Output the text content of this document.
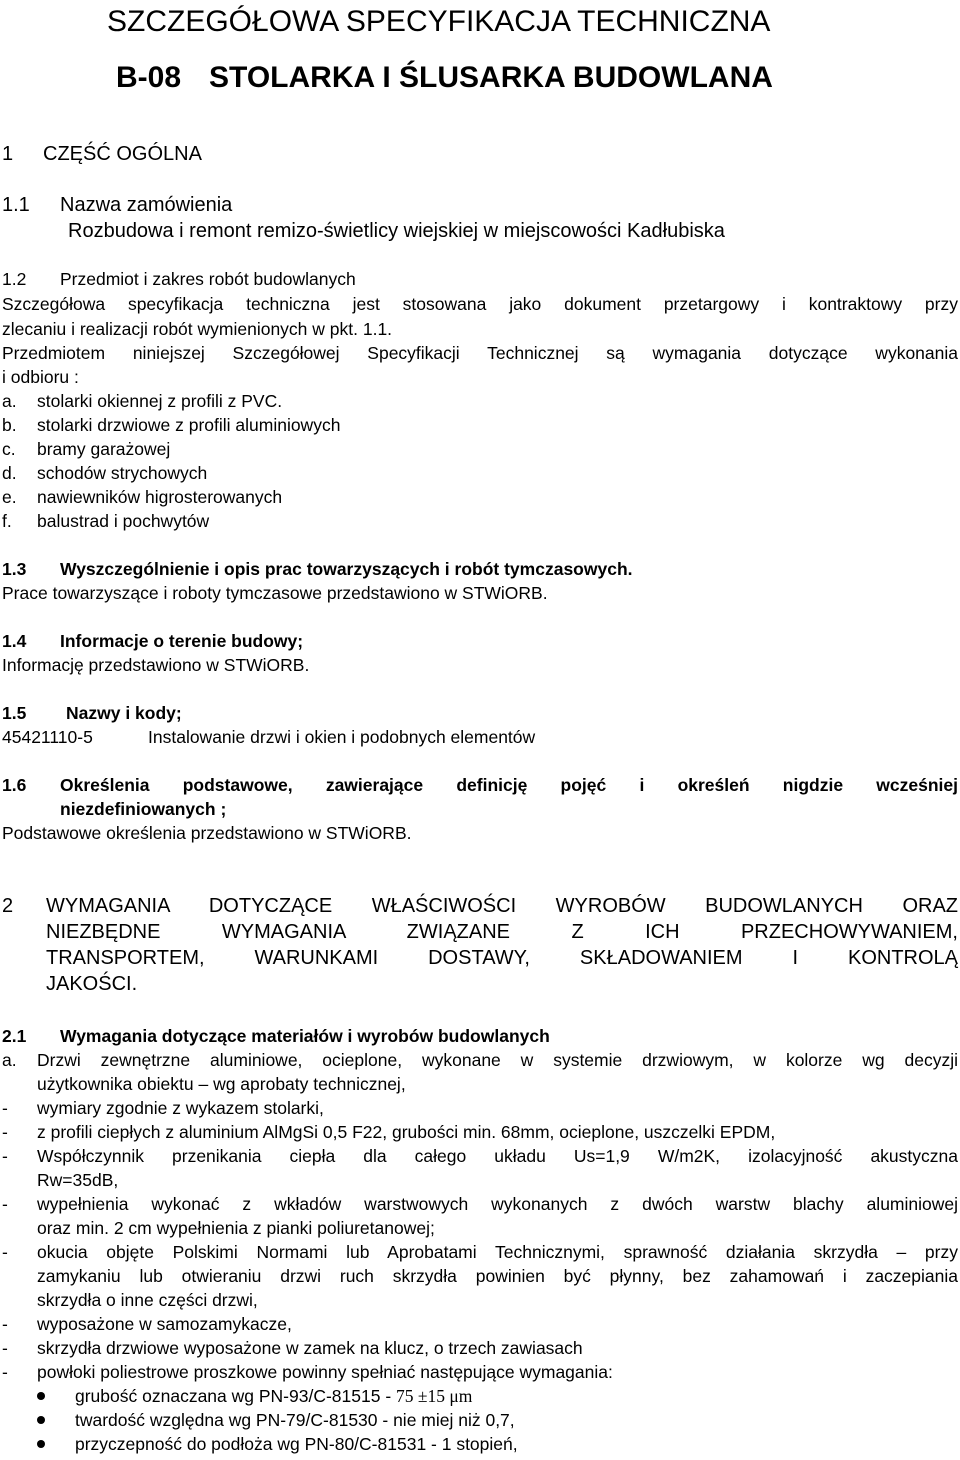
SZCZEGÓŁOWA SPECYFIKACJA TECHNICZNA
B-08 STOLARKA I ŚLUSARKA BUDOWLANA
1 CZĘŚĆ OGÓLNA
1.1 Nazwa zamówienia
Rozbudowa i remont remizo-świetlicy wiejskiej w miejscowości Kadłubiska
1.2 Przedmiot i zakres robót budowlanych
Szczegółowa specyfikacja techniczna jest stosowana jako dokument przetargowy i kontraktowy przy
zlecaniu i realizacji robót wymienionych w pkt. 1.1.
Przedmiotem niniejszej Szczegółowej Specyfikacji Technicznej są wymagania dotyczące wykonania
i odbioru :
a. stolarki okiennej z profili z PVC.
b. stolarki drzwiowe z profili aluminiowych
c. bramy garażowej
d. schodów strychowych
e. nawiewników higrosterowanych
f. balustrad i pochwytów
1.3 Wyszczególnienie i opis prac towarzyszących i robót tymczasowych.
Prace towarzyszące i roboty tymczasowe przedstawiono w STWiORB.
1.4 Informacje o terenie budowy;
Informację przedstawiono w STWiORB.
1.5 Nazwy i kody;
45421110-5	Instalowanie drzwi i okien i podobnych elementów
1.6 Określenia podstawowe, zawierające definicję pojęć i określeń nigdzie wcześniej
niezdefiniowanych ;
Podstawowe określenia przedstawiono w STWiORB.
2 WYMAGANIA DOTYCZĄCE WŁAŚCIWOŚCI WYROBÓW BUDOWLANYCH ORAZ
NIEZBĘDNE WYMAGANIA ZWIĄZANE Z ICH PRZECHOWYWANIEM,
TRANSPORTEM, WARUNKAMI DOSTAWY, SKŁADOWANIEM I KONTROLĄ
JAKOŚCI.
2.1 Wymagania dotyczące materiałów i wyrobów budowlanych
a. Drzwi zewnętrzne aluminiowe, ocieplone, wykonane w systemie drzwiowym, w kolorze wg decyzji
użytkownika obiektu – wg aprobaty technicznej,
- wymiary zgodnie z wykazem stolarki,
- z profili ciepłych z aluminium AlMgSi 0,5 F22, grubości min. 68mm, ocieplone, uszczelki EPDM,
- Współczynnik przenikania ciepła dla całego układu Us=1,9 W/m2K, izolacyjność akustyczna
Rw=35dB,
- wypełnienia wykonać z wkładów warstwowych wykonanych z dwóch warstw blachy aluminiowej
oraz min. 2 cm wypełnienia z pianki poliuretanowej;
- okucia objęte Polskimi Normami lub Aprobatami Technicznymi, sprawność działania skrzydła – przy
zamykaniu lub otwieraniu drzwi ruch skrzydła powinien być płynny, bez zahamowań i zaczepiania
skrzydła o inne części drzwi,
- wyposażone w samozamykacze,
- skrzydła drzwiowe wyposażone w zamek na klucz, o trzech zawiasach
- powłoki poliestrowe proszkowe powinny spełniać następujące wymagania:
grubość oznaczana wg PN-93/C-81515 - 75 ±15 μm
twardość względna wg PN-79/C-81530 - nie miej niż 0,7,
przyczepność do podłoża wg PN-80/C-81531 - 1 stopień,
